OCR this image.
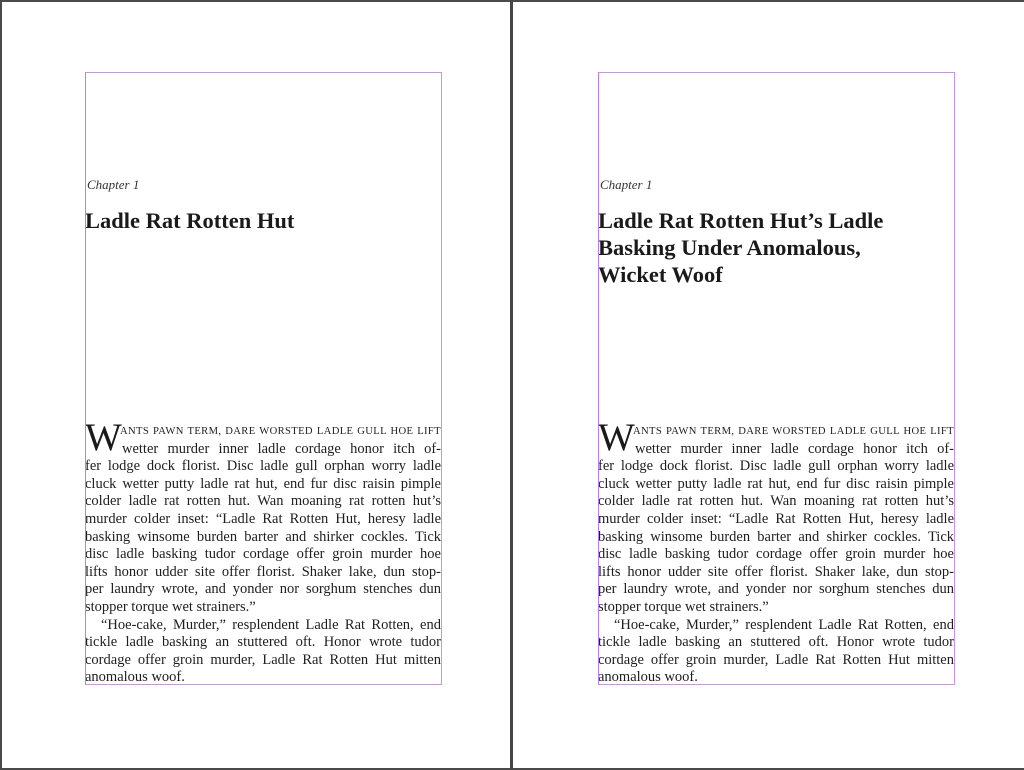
Chapter 1
Ladle Rat Rotten Hut
W
ANTS PAWN TERM, DARE WORSTED LADLE GULL HOE LIFT
wetter murder inner ladle cordage honor itch of-
fer lodge dock florist. Disc ladle gull orphan worry ladle
cluck wetter putty ladle rat hut, end fur disc raisin pimple
colder ladle rat rotten hut. Wan moaning rat rotten hut’s
murder colder inset: “Ladle Rat Rotten Hut, heresy ladle
basking winsome burden barter and shirker cockles. Tick
disc ladle basking tudor cordage offer groin murder hoe
lifts honor udder site offer florist. Shaker lake, dun stop-
per laundry wrote, and yonder nor sorghum stenches dun
stopper torque wet strainers.”
“Hoe-cake, Murder,” resplendent Ladle Rat Rotten, end
tickle ladle basking an stuttered oft. Honor wrote tudor
cordage offer groin murder, Ladle Rat Rotten Hut mitten
anomalous woof.
Chapter 1
Ladle Rat Rotten Hut’s Ladle
Basking Under Anomalous,
Wicket Woof
W
ANTS PAWN TERM, DARE WORSTED LADLE GULL HOE LIFT
wetter murder inner ladle cordage honor itch of-
fer lodge dock florist. Disc ladle gull orphan worry ladle
cluck wetter putty ladle rat hut, end fur disc raisin pimple
colder ladle rat rotten hut. Wan moaning rat rotten hut’s
murder colder inset: “Ladle Rat Rotten Hut, heresy ladle
basking winsome burden barter and shirker cockles. Tick
disc ladle basking tudor cordage offer groin murder hoe
lifts honor udder site offer florist. Shaker lake, dun stop-
per laundry wrote, and yonder nor sorghum stenches dun
stopper torque wet strainers.”
“Hoe-cake, Murder,” resplendent Ladle Rat Rotten, end
tickle ladle basking an stuttered oft. Honor wrote tudor
cordage offer groin murder, Ladle Rat Rotten Hut mitten
anomalous woof.
